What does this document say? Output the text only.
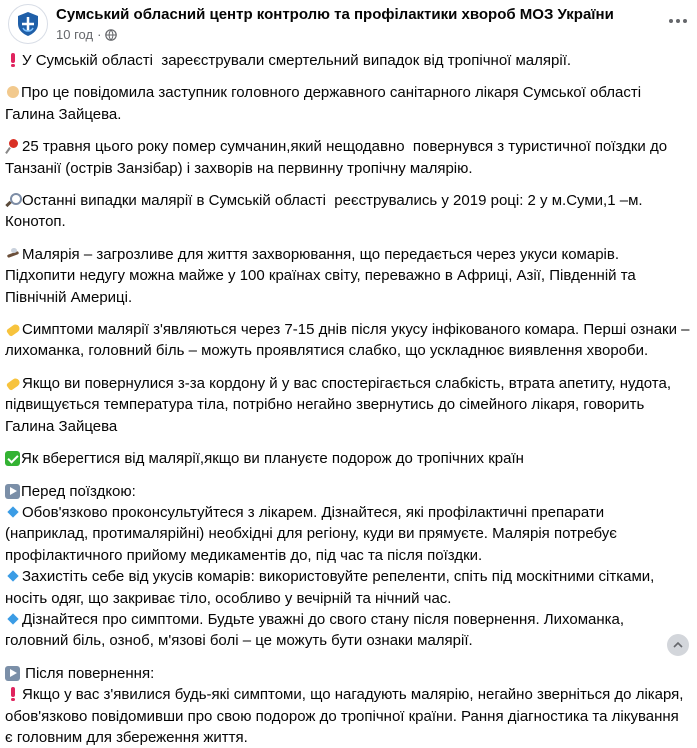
Сумський обласний центр контролю та профілактики хвороб МОЗ України
10 год ·
У Сумській області  зареєстрували смертельний випадок від тропічної малярії.
Про це повідомила заступник головного державного санітарного лікаря Сумської області Галина Зайцева.
25 травня цього року помер сумчанин,який нещодавно  повернувся з туристичної поїздки до Танзанії (острів Занзібар) і захворів на первинну тропічну малярію.
Останні випадки малярії в Сумській області  реєструвались у 2019 році: 2 у м.Суми,1 –м. Конотоп.
Малярія – загрозливе для життя захворювання, що передається через укуси комарів. Підхопити недугу можна майже у 100 країнах світу, переважно в Африці, Азії, Південній та Північній Америці.
Симптоми малярії з'являються через 7-15 днів після укусу інфікованого комара. Перші ознаки – лихоманка, головний біль – можуть проявлятися слабко, що ускладнює виявлення хвороби.
Якщо ви повернулися з-за кордону й у вас спостерігається слабкість, втрата апетиту, нудота, підвищується температура тіла, потрібно негайно звернутись до сімейного лікаря, говорить Галина Зайцева
Як вберегтися від малярії,якщо ви плануєте подорож до тропічних країн
Перед поїздкою:
Обов'язково проконсультуйтеся з лікарем. Дізнайтеся, які профілактичні препарати (наприклад, протималярійні) необхідні для регіону, куди ви прямуєте. Малярія потребує профілактичного прийому медикаментів до, під час та після поїздки.
Захистіть себе від укусів комарів: використовуйте репеленти, спіть під москітними сітками, носіть одяг, що закриває тіло, особливо у вечірній та нічний час.
Дізнайтеся про симптоми. Будьте уважні до свого стану після повернення. Лихоманка, головний біль, озноб, м'язові болі – це можуть бути ознаки малярії.
Після повернення:
Якщо у вас з'явилися будь-які симптоми, що нагадують малярію, негайно зверніться до лікаря, обов'язково повідомивши про свою подорож до тропічної країни. Рання діагностика та лікування є головним для збереження життя.
